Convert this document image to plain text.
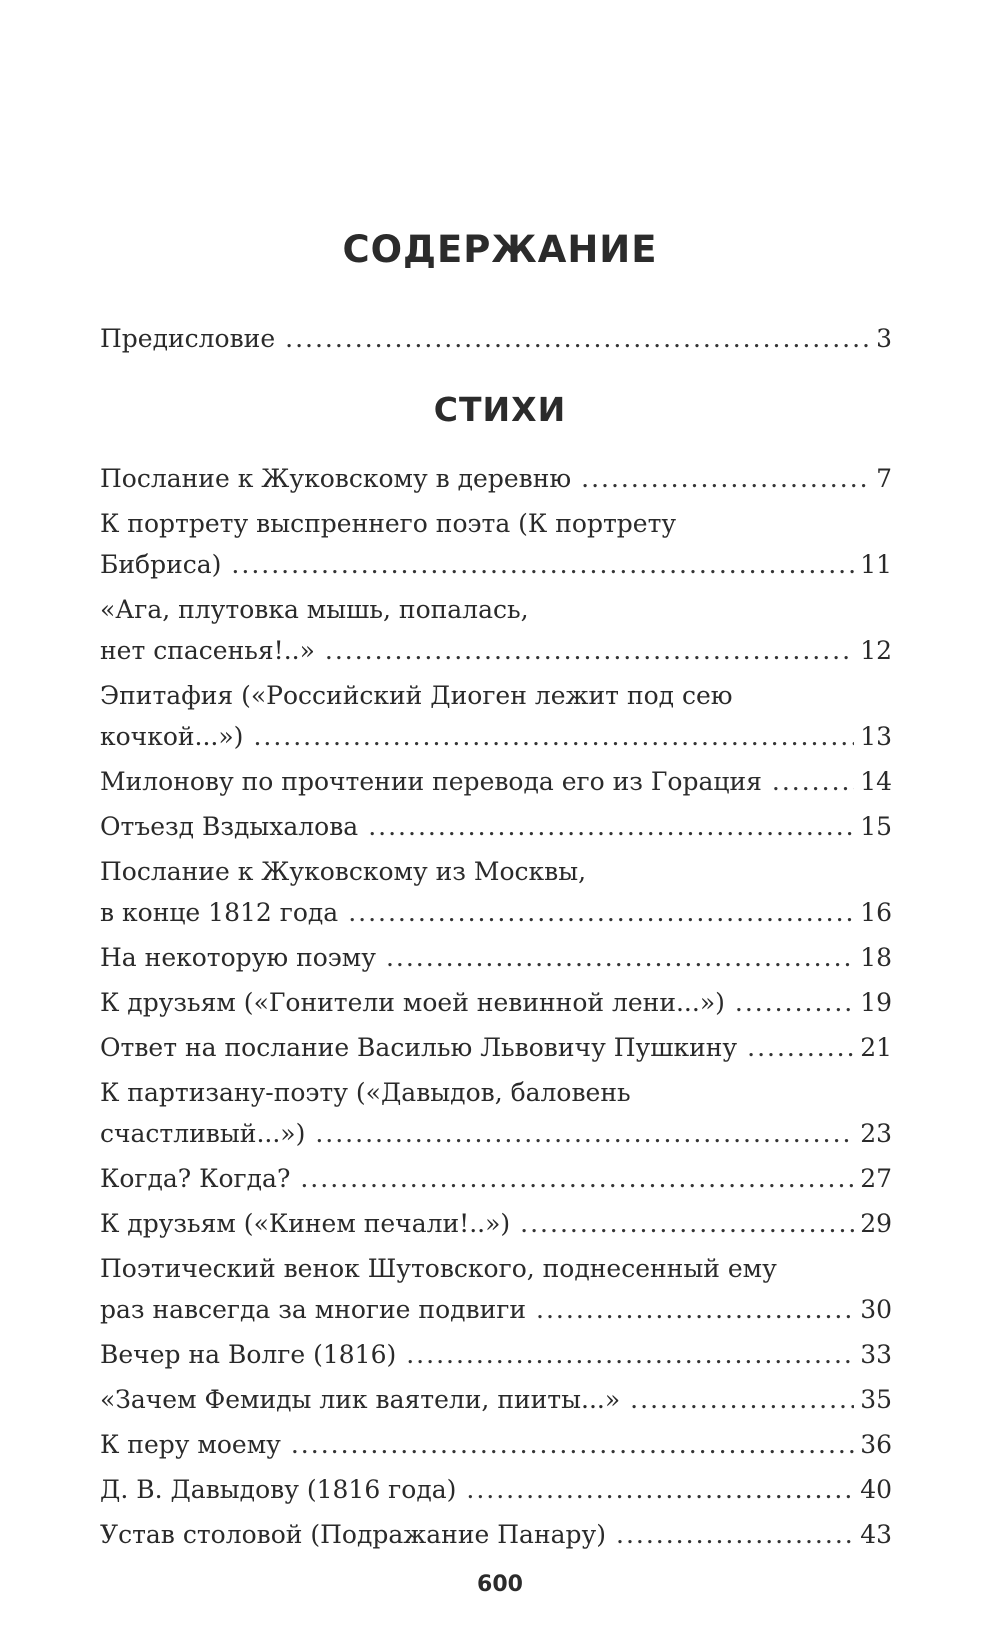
СОДЕРЖАНИЕ
Предисловие .....	3
СТИХИ
Послание к Жуковскому в деревню .....	7
К портрету выспреннего поэта (К портрету
Бибриса) .....	11
«Ага, плутовка мышь, попалась,
нет спасенья!..» .....	12
Эпитафия («Российский Диоген лежит под сею
кочкой...») .....	13
Милонову по прочтении перевода его из Горация .....	14
Отъезд Вздыхалова .....	15
Послание к Жуковскому из Москвы,
в конце 1812 года .....	16
На некоторую поэму .....	18
К друзьям («Гонители моей невинной лени...») .....	19
Ответ на послание Василью Львовичу Пушкину .....	21
К партизану-поэту («Давыдов, баловень
счастливый...») .....	23
Когда? Когда? .....	27
К друзьям («Кинем печали!..») .....	29
Поэтический венок Шутовского, поднесенный ему
раз навсегда за многие подвиги .....	30
Вечер на Волге (1816) .....	33
«Зачем Фемиды лик ваятели, пииты...» .....	35
К перу моему .....	36
Д. В. Давыдову (1816 года) .....	40
Устав столовой (Подражание Панару) .....	43
600
